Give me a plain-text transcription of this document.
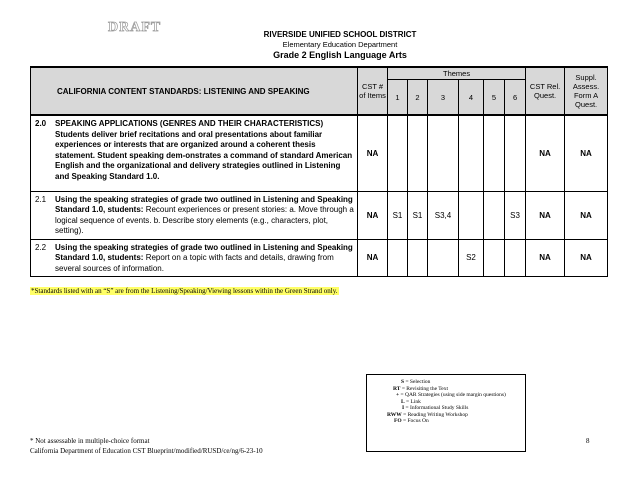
DRAFT	RIVERSIDE UNIFIED SCHOOL DISTRICT
Elementary Education Department
Grade 2 English Language Arts
CALIFORNIA CONTENT STANDARDS: LISTENING AND SPEAKING	CST # of Items	Themes						CST Rel. Quest.	Suppl. Assess. Form A Quest.
		1	2	3	4	5	6		

2.0 SPEAKING APPLICATIONS (GENRES AND THEIR CHARACTERISTICS) Students deliver brief recitations and oral presentations about familiar experiences or interests that are organized around a coherent thesis statement. Student speaking dem-onstrates a command of standard American English and the organizational and delivery strategies outlined in Listening and Speaking Standard 1.0.	NA							NA	NA

2.1 Using the speaking strategies of grade two outlined in Listening and Speaking Standard 1.0, students: Recount experiences or present stories: a. Move through a logical sequence of events. b. Describe story elements (e.g., characters, plot, setting).	NA	S1	S1	S3,4			S3	NA	NA

2.2 Using the speaking strategies of grade two outlined in Listening and Speaking Standard 1.0, students: Report on a topic with facts and details, drawing from several sources of information.	NA				S2			NA	NA
*Standards listed with an “S” are from the Listening/Speaking/Viewing lessons within the Green Strand only.
S = Selection
RT = Revisiting the Text
+ = QAR Strategies (using side margin questions)
L = Link
I = Informational Study Skills
RWW = Reading Writing Workshop
FO = Focus On
* Not assessable in multiple-choice format
California Department of Education CST Blueprint/modified/RUSD/ce/ng/6-23-10
8
